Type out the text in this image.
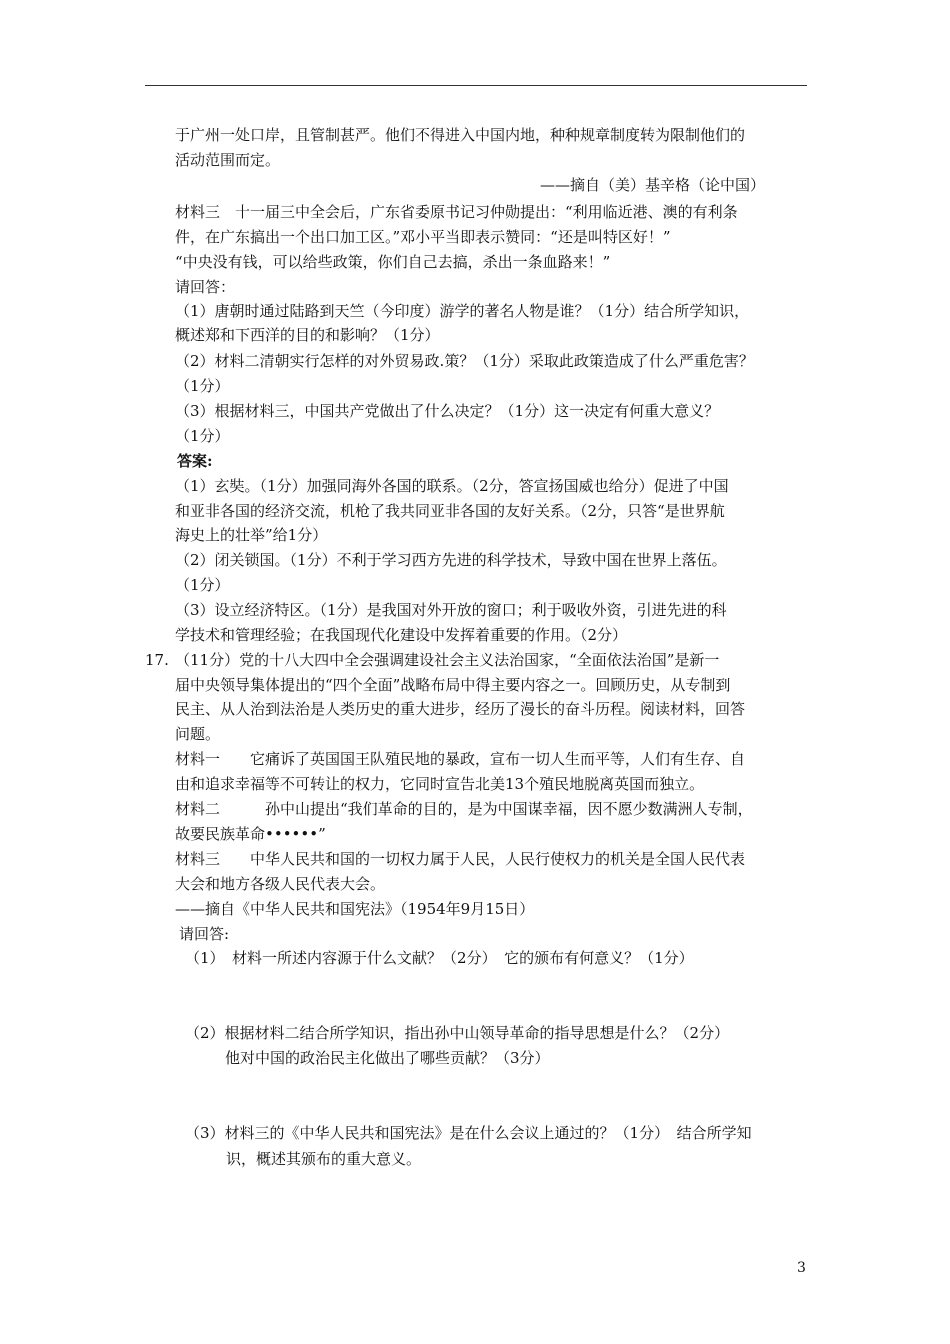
于广州一处口岸，且管制甚严。他们不得进入中国内地，种种规章制度转为限制他们的
活动范围而定。
——摘自（美）基辛格（论中国）
材料三　十一届三中全会后，广东省委原书记习仲勋提出：“利用临近港、澳的有利条
件，在广东搞出一个出口加工区。”邓小平当即表示赞同：“还是叫特区好！”
“中央没有钱，可以给些政策，你们自己去搞，杀出一条血路来！”
请回答：
（1）唐朝时通过陆路到天竺（今印度）游学的著名人物是谁？（1分）结合所学知识，
概述郑和下西洋的目的和影响？（1分）
（2）材料二清朝实行怎样的对外贸易政.策？（1分）采取此政策造成了什么严重危害？
（1分）
（3）根据材料三，中国共产党做出了什么决定？（1分）这一决定有何重大意义？
（1分）
答案:
（1）玄奘。（1分）加强同海外各国的联系。（2分，答宣扬国威也给分）促进了中国
和亚非各国的经济交流，机枪了我共同亚非各国的友好关系。（2分，只答“是世界航
海史上的壮举”给1分）
（2）闭关锁国。（1分）不利于学习西方先进的科学技术，导致中国在世界上落伍。
（1分）
（3）设立经济特区。（1分）是我国对外开放的窗口；利于吸收外资，引进先进的科
学技术和管理经验；在我国现代化建设中发挥着重要的作用。（2分）
17. （11分）党的十八大四中全会强调建设社会主义法治国家，“全面依法治国”是新一
届中央领导集体提出的“四个全面”战略布局中得主要内容之一。回顾历史，从专制到
民主、从人治到法治是人类历史的重大进步，经历了漫长的奋斗历程。阅读材料，回答
问题。
材料一　　它痛诉了英国国王队殖民地的暴政，宣布一切人生而平等，人们有生存、自
由和追求幸福等不可转让的权力，它同时宣告北美13个殖民地脱离英国而独立。
材料二　　　孙中山提出“我们革命的目的，是为中国谋幸福，因不愿少数满洲人专制，
故要民族革命••••••”
材料三　　中华人民共和国的一切权力属于人民，人民行使权力的机关是全国人民代表
大会和地方各级人民代表大会。
——摘自《中华人民共和国宪法》（1954年9月15日）
请回答:
（1）　材料一所述内容源于什么文献？（2分）　它的颁布有何意义？（1分）
（2）根据材料二结合所学知识，指出孙中山领导革命的指导思想是什么？（2分）
他对中国的政治民主化做出了哪些贡献？（3分）
（3）材料三的《中华人民共和国宪法》是在什么会议上通过的？（1分）　结合所学知
识，概述其颁布的重大意义。
3
